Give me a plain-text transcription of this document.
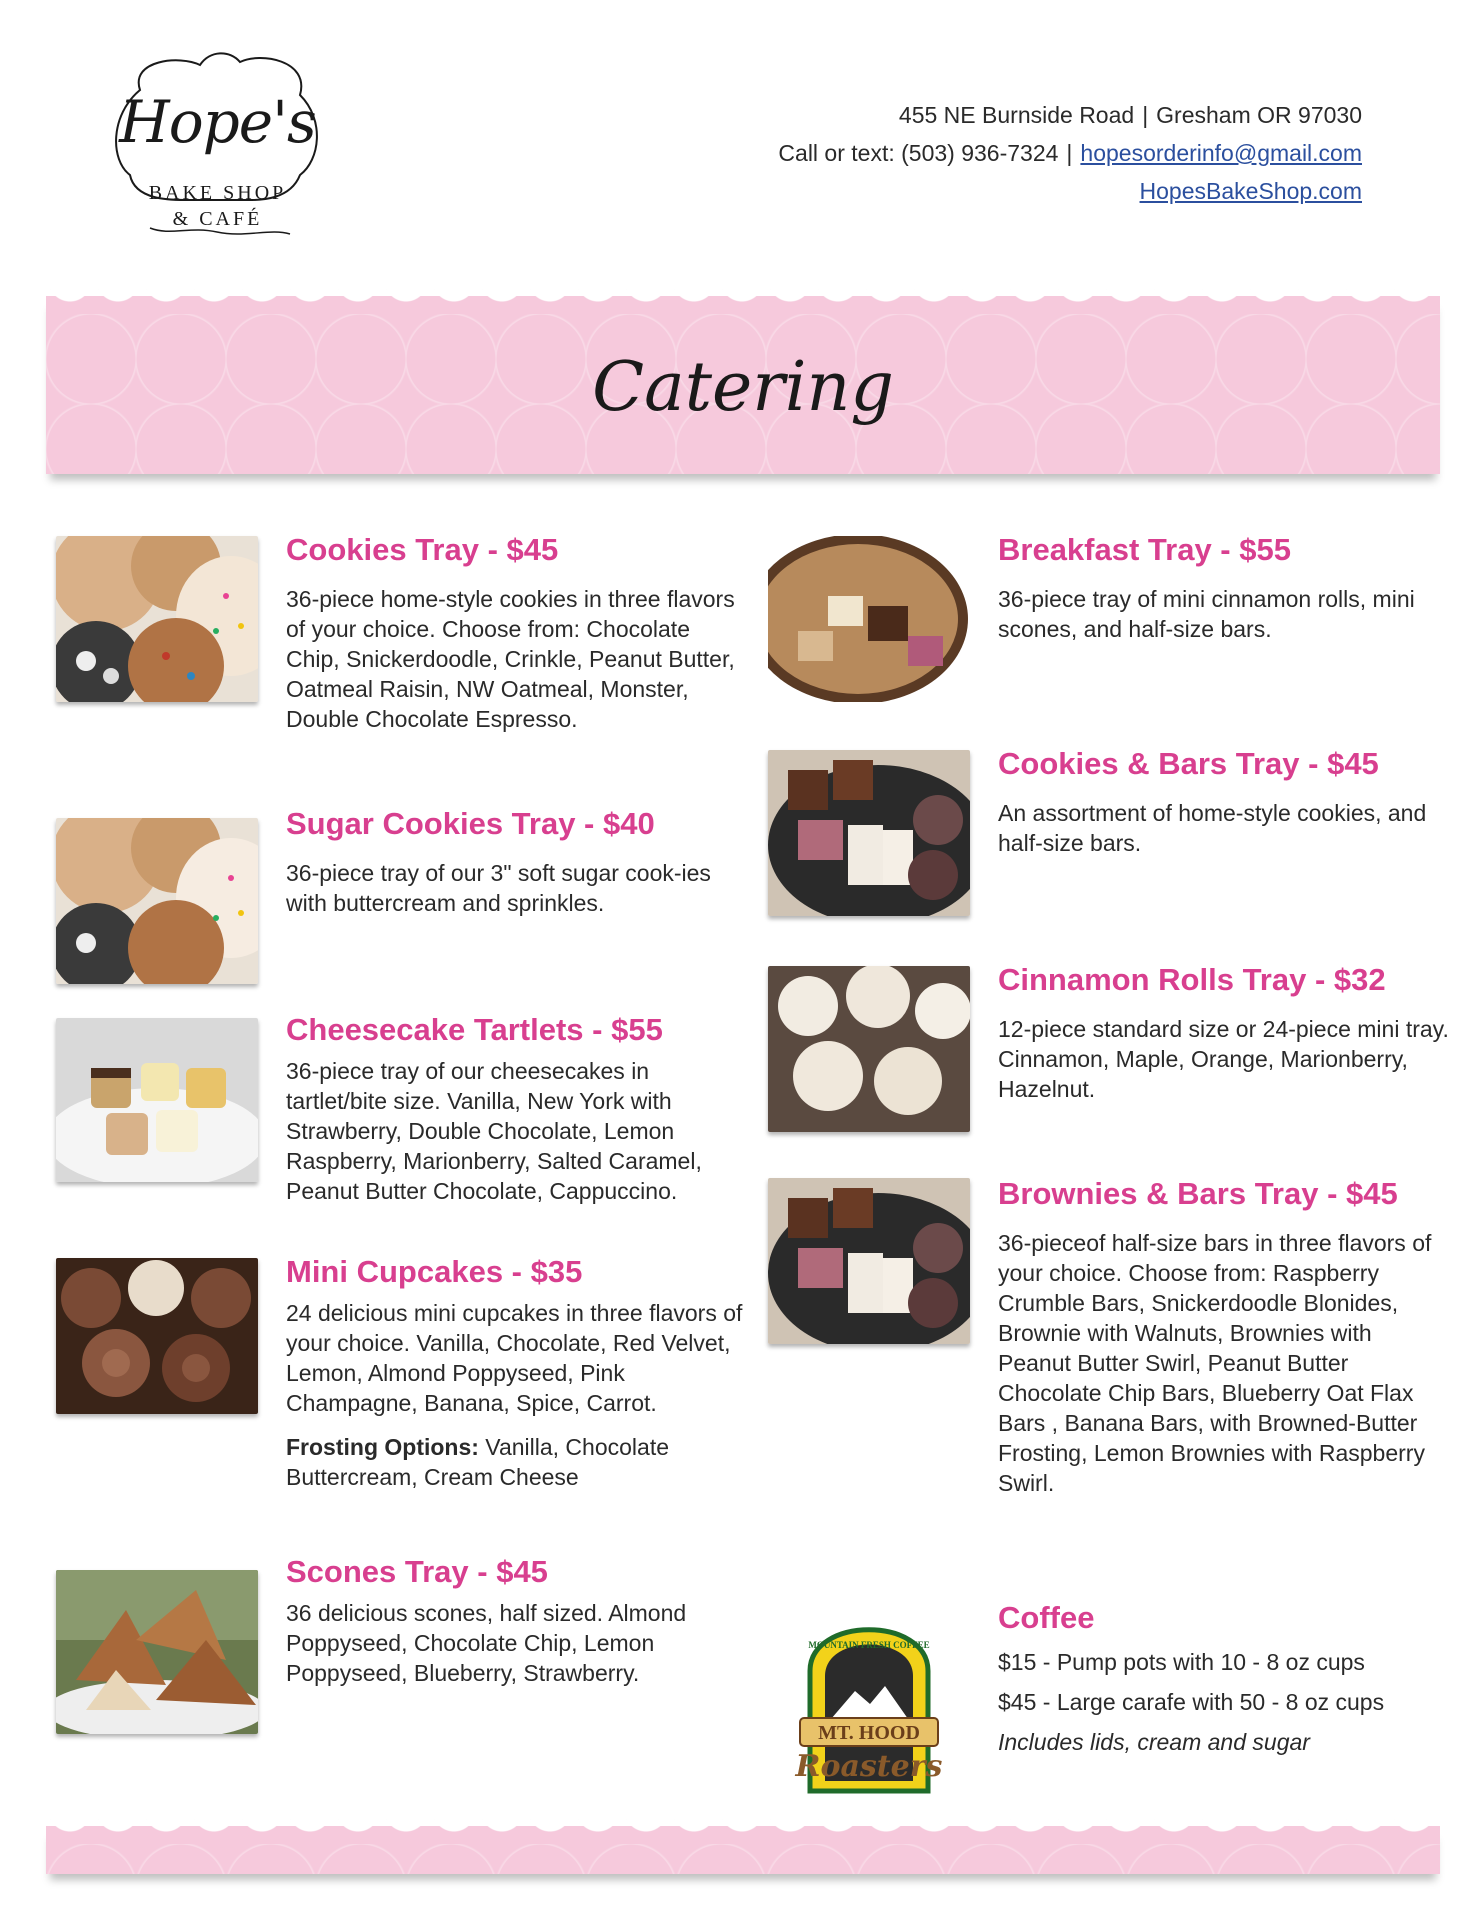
Hope's
BAKE SHOP
& CAFÉ
455 NE Burnside Road | Gresham OR 97030
Call or text: (503) 936-7324 | hopesorderinfo@gmail.com
HopesBakeShop.com
Catering
Cookies Tray - $45

36-piece home-style cookies in three flavors of your choice. Choose from: Chocolate Chip, Snickerdoodle, Crinkle, Peanut Butter, Oatmeal Raisin, NW Oatmeal, Monster, Double Chocolate Espresso.

Sugar Cookies Tray - $40

36-piece tray of our 3" soft sugar cook-ies with buttercream and sprinkles.

Cheesecake Tartlets - $55

36-piece tray of our cheesecakes in tartlet/bite size. Vanilla, New York with Strawberry, Double Chocolate, Lemon Raspberry, Marionberry, Salted Caramel, Peanut Butter Chocolate, Cappuccino.

Mini Cupcakes - $35

24 delicious mini cupcakes in three flavors of your choice. Vanilla, Chocolate, Red Velvet, Lemon, Almond Poppyseed, Pink Champagne, Banana, Spice, Carrot.

Frosting Options: Vanilla, Chocolate Buttercream, Cream Cheese

Scones Tray - $45

36 delicious scones, half sized. Almond Poppyseed, Chocolate Chip, Lemon Poppyseed, Blueberry, Strawberry.

Breakfast Tray - $55

36-piece tray of mini cinnamon rolls, mini scones, and half-size bars.

Cookies & Bars Tray - $45

An assortment of home-style cookies, and half-size bars.

Cinnamon Rolls Tray - $32

12-piece standard size or 24-piece mini tray. Cinnamon, Maple, Orange, Marionberry, Hazelnut.

Brownies & Bars Tray - $45

36-pieceof half-size bars in three flavors of your choice. Choose from: Raspberry Crumble Bars, Snickerdoodle Blonides, Brownie with Walnuts, Brownies with Peanut Butter Swirl, Peanut Butter Chocolate Chip Bars, Blueberry Oat Flax Bars , Banana Bars, with Browned-Butter Frosting, Lemon Brownies with Raspberry Swirl.

MOUNTAIN FRESH COFFEE
MT. HOOD
Roasters
Coffee

$15 - Pump pots with 10 - 8 oz cups

$45 - Large carafe with 50 - 8 oz cups

Includes lids, cream and sugar
